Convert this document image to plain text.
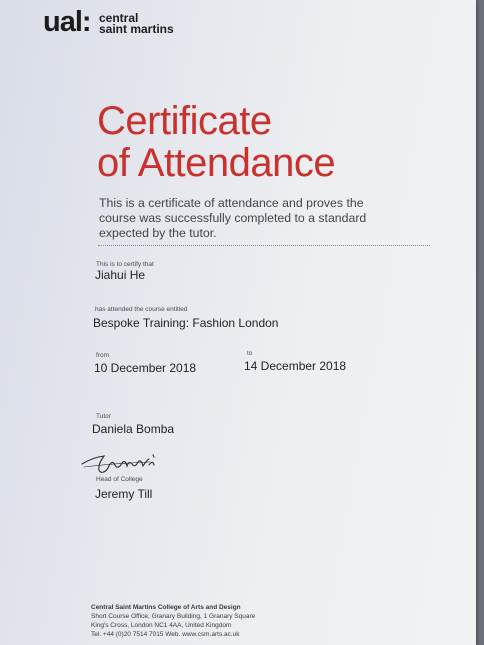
ual: central
saint martins
Certificate
of Attendance
This is a certificate of attendance and proves the course was successfully completed to a standard expected by the tutor.
This is to certify that
Jiahui He
has attended the course entitled
Bespoke Training: Fashion London
from
10 December 2018
to
14 December 2018
Tutor
Daniela Bomba
Head of College
Jeremy Till
Central Saint Martins College of Arts and Design
Short Course Office, Granary Building, 1 Granary Square
King's Cross, London NC1 4AA, United Kingdom
Tel. +44 (0)20 7514 7015 Web. www.csm.arts.ac.uk
